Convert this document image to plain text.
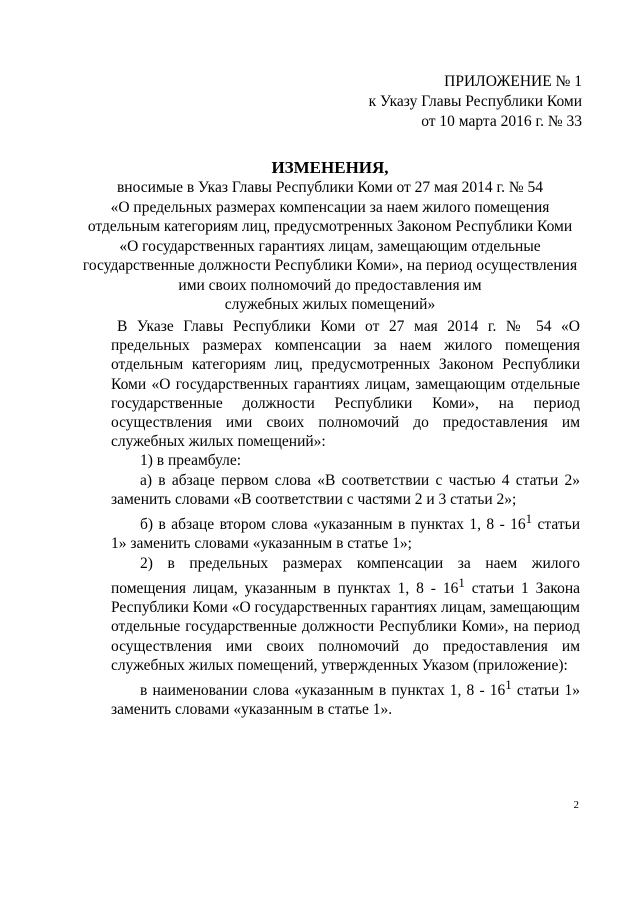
ПРИЛОЖЕНИЕ № 1
к Указу Главы Республики Коми
от 10 марта 2016 г. № 33
ИЗМЕНЕНИЯ,
вносимые в Указ Главы Республики Коми от 27 мая 2014 г. № 54
«О предельных размерах компенсации за наем жилого помещения
отдельным категориям лиц, предусмотренных Законом Республики Коми
«О государственных гарантиях лицам, замещающим отдельные
государственные должности Республики Коми», на период осуществления
ими своих полномочий до предоставления им
служебных жилых помещений»

В Указе Главы Республики Коми от 27 мая 2014 г. № 54 «О предельных размерах компенсации за наем жилого помещения отдельным категориям лиц, предусмотренных Законом Республики Коми «О государственных гарантиях лицам, замещающим отдельные государственные должности Республики Коми», на период осуществления ими своих полномочий до предоставления им служебных жилых помещений»:

1) в преамбуле:

а) в абзаце первом слова «В соответствии с частью 4 статьи 2» заменить словами «В соответствии с частями 2 и 3 статьи 2»;

б) в абзаце втором слова «указанным в пунктах 1, $8 - 16^1$ статьи 1» заменить словами «указанным в статье 1»;

2) в предельных размерах компенсации за наем жилого помещения лицам, указанным в пунктах 1, $8 - 16^1$ статьи 1 Закона Республики Коми «О государственных гарантиях лицам, замещающим отдельные государственные должности Республики Коми», на период осуществления ими своих полномочий до предоставления им служебных жилых помещений, утвержденных Указом (приложение):

в наименовании слова «указанным в пунктах 1, $8 - 16^1$ статьи 1» заменить словами «указанным в статье 1».

2
